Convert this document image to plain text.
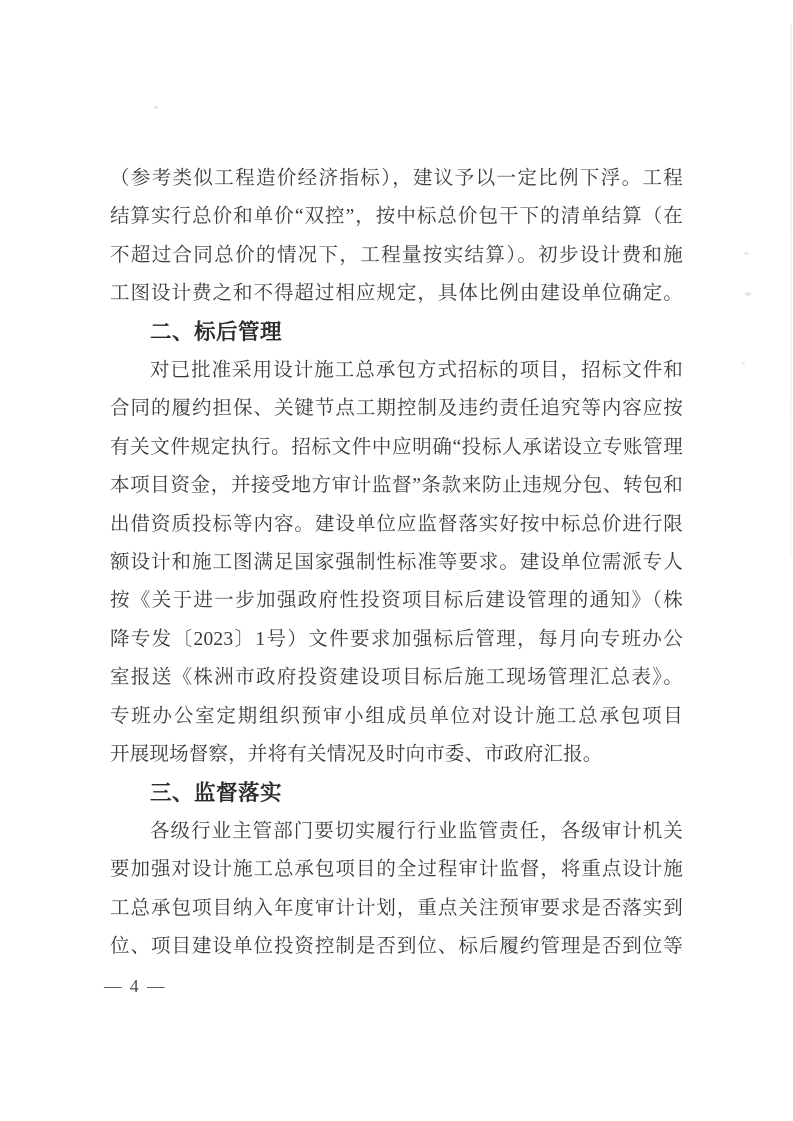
（参考类似工程造价经济指标），建议予以一定比例下浮。工程
结算实行总价和单价“双控”，按中标总价包干下的清单结算（在
不超过合同总价的情况下，工程量按实结算）。初步设计费和施
工图设计费之和不得超过相应规定，具体比例由建设单位确定。
二、标后管理
对已批准采用设计施工总承包方式招标的项目，招标文件和
合同的履约担保、关键节点工期控制及违约责任追究等内容应按
有关文件规定执行。招标文件中应明确“投标人承诺设立专账管理
本项目资金，并接受地方审计监督”条款来防止违规分包、转包和
出借资质投标等内容。建设单位应监督落实好按中标总价进行限
额设计和施工图满足国家强制性标准等要求。建设单位需派专人
按《关于进一步加强政府性投资项目标后建设管理的通知》（株
降专发〔2023〕1号）文件要求加强标后管理，每月向专班办公
室报送《株洲市政府投资建设项目标后施工现场管理汇总表》。
专班办公室定期组织预审小组成员单位对设计施工总承包项目
开展现场督察，并将有关情况及时向市委、市政府汇报。
三、监督落实
各级行业主管部门要切实履行行业监管责任，各级审计机关
要加强对设计施工总承包项目的全过程审计监督，将重点设计施
工总承包项目纳入年度审计计划，重点关注预审要求是否落实到
位、项目建设单位投资控制是否到位、标后履约管理是否到位等
— 4 —
